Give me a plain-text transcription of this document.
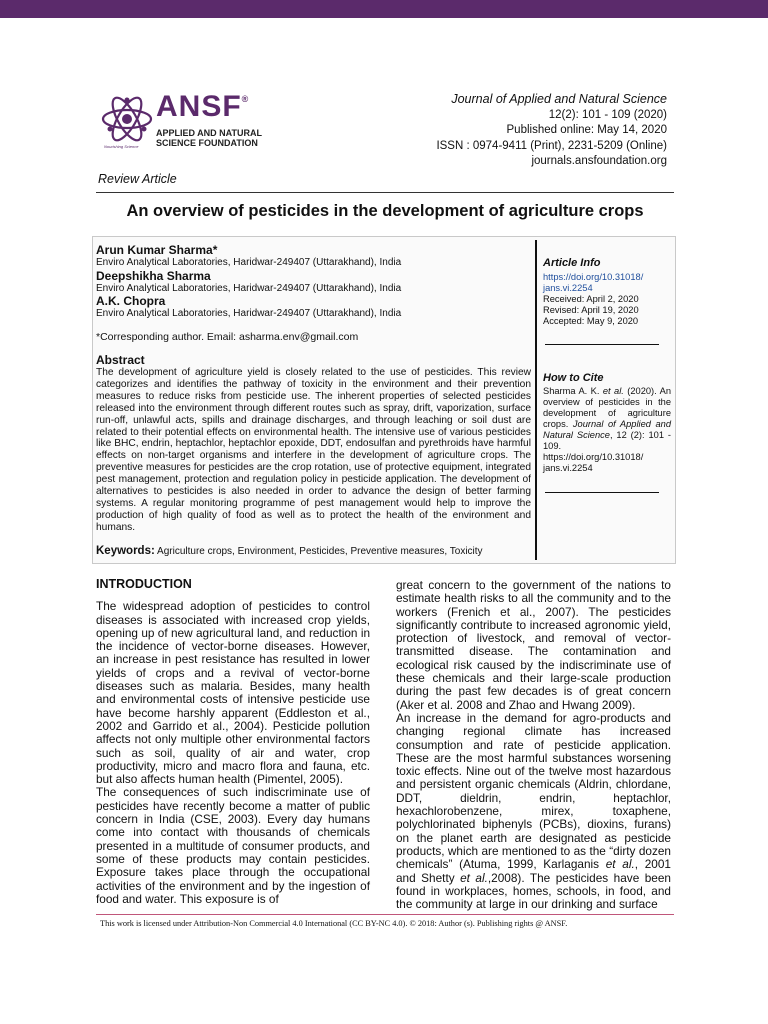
ANSF®
APPLIED AND NATURAL
SCIENCE FOUNDATION
Nourishing Science
Journal of Applied and Natural Science
12(2): 101 - 109 (2020)
Published online: May 14, 2020
ISSN : 0974-9411 (Print), 2231-5209 (Online)
journals.ansfoundation.org
Review Article
An overview of pesticides in the development of agriculture crops
Arun Kumar Sharma*
Enviro Analytical Laboratories, Haridwar-249407 (Uttarakhand), India
Deepshikha Sharma
Enviro Analytical Laboratories, Haridwar-249407 (Uttarakhand), India
A.K. Chopra
Enviro Analytical Laboratories, Haridwar-249407 (Uttarakhand), India
*Corresponding author. Email: asharma.env@gmail.com
Abstract
The development of agriculture yield is closely related to the use of pesticides. This review categorizes and identifies the pathway of toxicity in the environment and their prevention measures to reduce risks from pesticide use. The inherent properties of selected pesticides released into the environment through different routes such as spray, drift, vaporization, surface run-off, unlawful acts, spills and drainage discharges, and through leaching or soil dust are related to their potential effects on environmental health. The intensive use of various pesticides like BHC, endrin, heptachlor, heptachlor epoxide, DDT, endosulfan and pyrethroids have harmful effects on non-target organisms and interfere in the development of agriculture crops. The preventive measures for pesticides are the crop rotation, use of protective equipment, integrated pest management, protection and regulation policy in pesticide application. The development of alternatives to pesticides is also needed in order to advance the design of better farming systems. A regular monitoring programme of pest management would help to improve the production of high quality of food as well as to protect the health of the environment and humans.
Keywords: Agriculture crops, Environment, Pesticides, Preventive measures, Toxicity
Article Info
https://doi.org/10.31018/
jans.vi.2254
Received: April 2, 2020
Revised: April 19, 2020
Accepted: May 9, 2020
How to Cite
Sharma A. K. et al. (2020). An overview of pesticides in the development of agriculture crops. Journal of Applied and Natural Science, 12 (2): 101 - 109.
https://doi.org/10.31018/
jans.vi.2254
INTRODUCTION

The widespread adoption of pesticides to control diseases is associated with increased crop yields, opening up of new agricultural land, and reduction in the incidence of vector-borne diseases. However, an increase in pest resistance has resulted in lower yields of crops and a revival of vector-borne diseases such as malaria. Besides, many health and environmental costs of intensive pesticide use have become harshly apparent (Eddleston et al., 2002 and Garrido et al., 2004). Pesticide pollution affects not only multiple other environmental factors such as soil, quality of air and water, crop productivity, micro and macro flora and fauna, etc. but also affects human health (Pimentel, 2005).

The consequences of such indiscriminate use of pesticides have recently become a matter of public concern in India (CSE, 2003). Every day humans come into contact with thousands of chemicals presented in a multitude of consumer products, and some of these products may contain pesticides. Exposure takes place through the occupational activities of the environment and by the ingestion of food and water. This exposure is of

great concern to the government of the nations to estimate health risks to all the community and to the workers (Frenich et al., 2007). The pesticides significantly contribute to increased agronomic yield, protection of livestock, and removal of vector-transmitted disease. The contamination and ecological risk caused by the indiscriminate use of these chemicals and their large-scale production during the past few decades is of great concern (Aker et al. 2008 and Zhao and Hwang 2009).

An increase in the demand for agro-products and changing regional climate has increased consumption and rate of pesticide application. These are the most harmful substances worsening toxic effects. Nine out of the twelve most hazardous and persistent organic chemicals (Aldrin, chlordane, DDT, dieldrin, endrin, heptachlor, hexachlorobenzene, mirex, toxaphene, polychlorinated biphenyls (PCBs), dioxins, furans) on the planet earth are designated as pesticide products, which are mentioned to as the “dirty dozen chemicals” (Atuma, 1999, Karlaganis et al., 2001 and Shetty et al.,2008). The pesticides have been found in workplaces, homes, schools, in food, and the community at large in our drinking and surface

This work is licensed under Attribution-Non Commercial 4.0 International (CC BY-NC 4.0). © 2018: Author (s). Publishing rights @ ANSF.
